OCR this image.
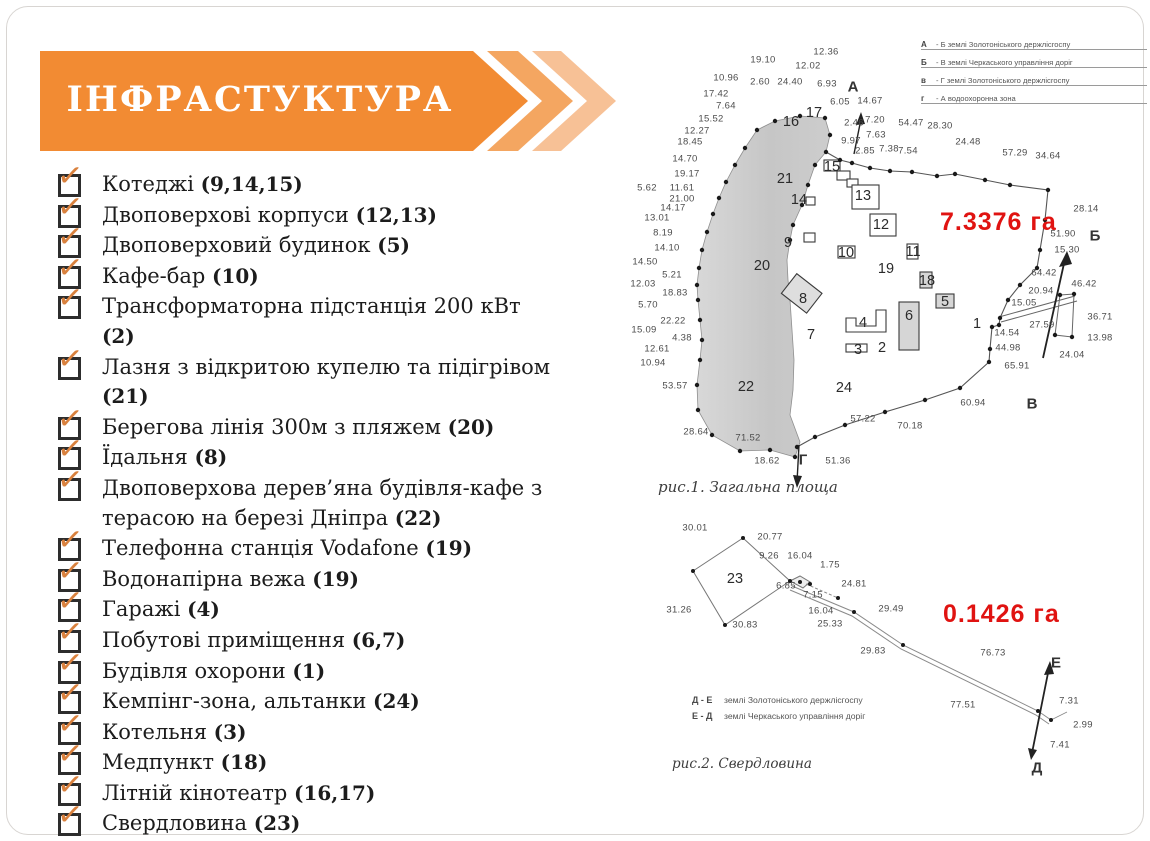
ІНФРАСТУКТУРА
✓
Котеджі (9,14,15)
✓
Двоповерхові корпуси (12,13)
✓
Двоповерховий будинок (5)
✓
Кафе-бар (10)
✓
Трансформаторна підстанція 200 кВт (2)
✓
Лазня з відкритою купелю та підігрівом (21)
✓
Берегова лінія 300м з пляжем (20)
✓
Їдальня (8)
✓
Двоповерхова дерев’яна будівля-кафе з терасою на березі Дніпра (22)
✓
Телефонна станція Vodafone (19)
✓
Водонапірна вежа (19)
✓
Гаражі (4)
✓
Побутові приміщення (6,7)
✓
Будівля охорони (1)
✓
Кемпінг-зона, альтанки (24)
✓
Котельня (3)
✓
Медпункт (18)
✓
Літній кінотеатр (16,17)
✓
Свердловина (23)
А	- Б землі Золотоніського держлісгоспу
Б	- В землі Черкаського управління доріг
в	- Г землі Золотоніського держлісгоспу
г	- А водоохоронна зона
7.3376 га
12.36
19.10
12.02
10.96 2.60 24.40 6.93
6.05 14.67
17.42
7.64
15.52
12.27
18.45
2.46 7.20 54.47 28.30
7.63
9.97
2.85 7.38 7.54
24.48
57.29 34.64
14.70
19.17
5.62 11.61
21.00
14.17
13.01
8.19
14.10
14.50
5.21
12.03
18.83
5.70
22.22
15.09
4.38
12.61
10.94
53.57
28.64
71.52
18.62	51.36
57.22
70.18
60.94
28.14
51.90
15.30
64.42
46.42
20.94
15.05
27.59
36.71
13.98
14.54
44.98
24.04
65.91
1
2
3
4
5
6
7
8
9
10	11
12
13
14
15
16
17
18
19
20
21
22	24
А
Б
В
Г
рис.1. Загальна площа
Д - Е	землі Золотоніського держлісгоспу
Е - Д	землі Черкаського управління доріг
0.1426 га
30.01
20.77
9.26 16.04
1.75
24.81
6.85
7.15
31.26	16.04	29.49
25.33
30.83
29.83	76.73
77.51	7.31
2.99
7.41
23
Е
Д
рис.2. Свердловина
